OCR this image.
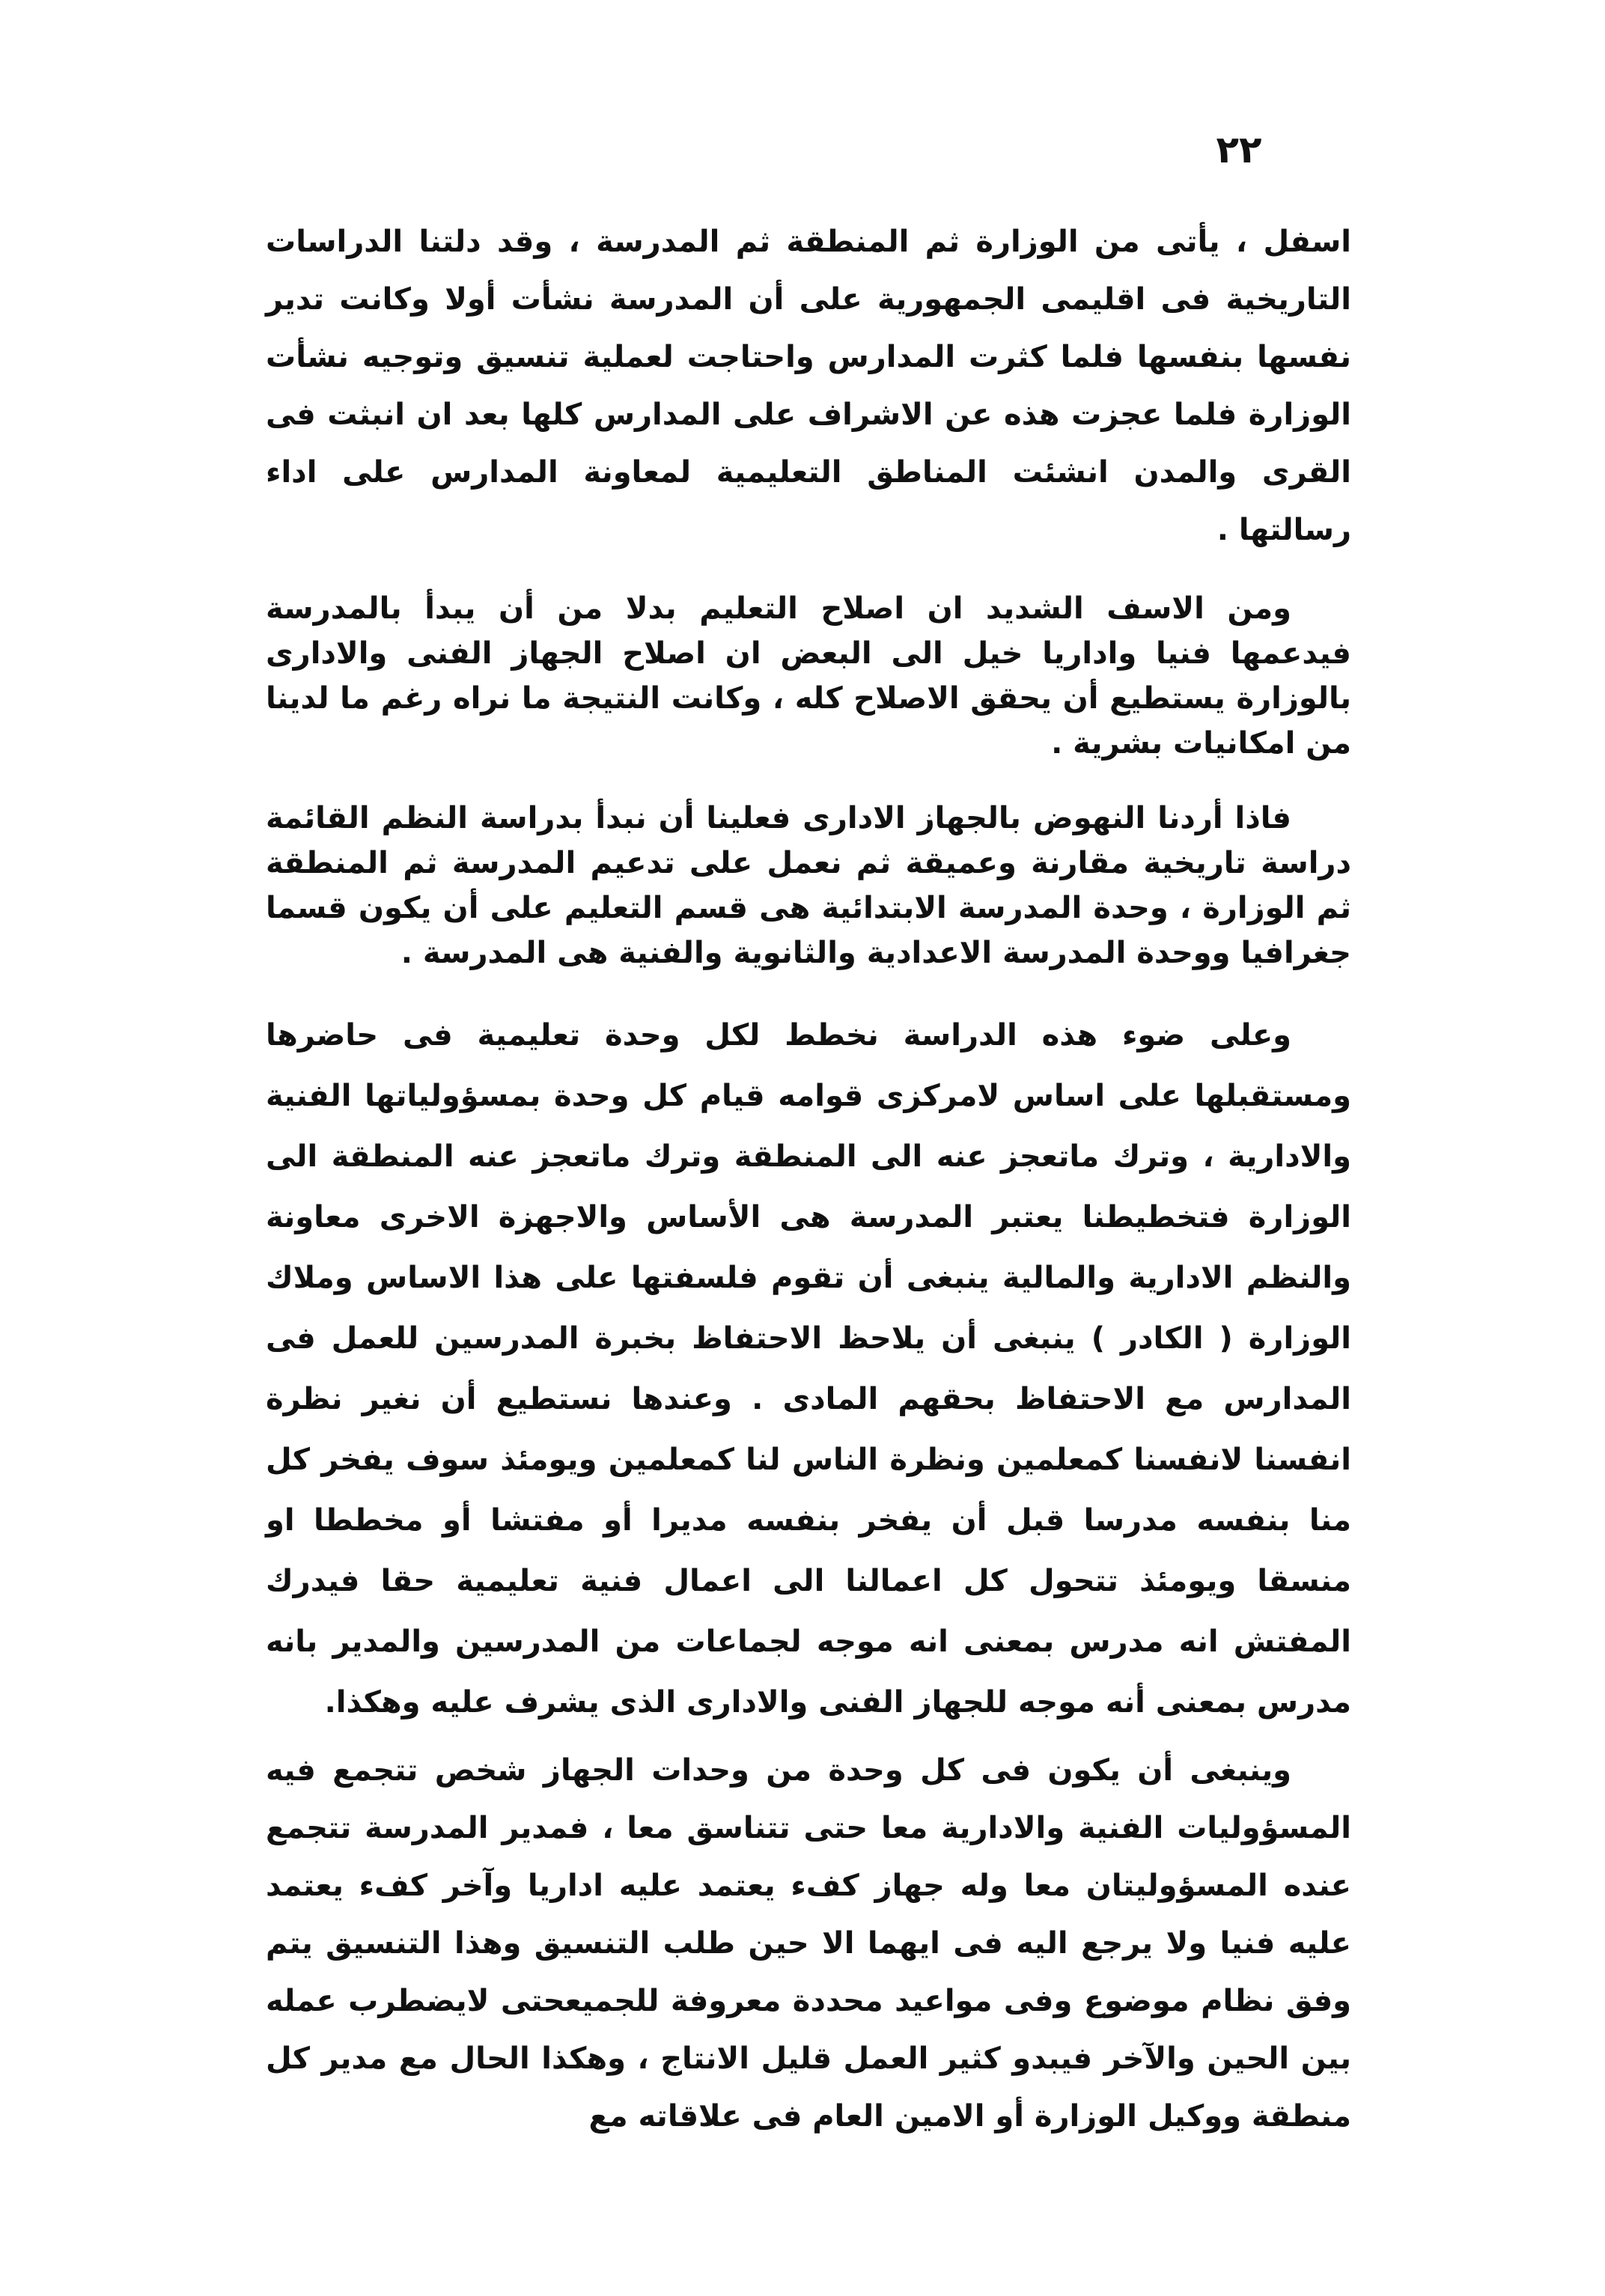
٢٢

اسفل ، يأتى من الوزارة ثم المنطقة ثم المدرسة ، وقد دلتنا الدراسات التاريخية فى اقليمى الجمهورية على أن المدرسة نشأت أولا وكانت تدير نفسها بنفسها فلما كثرت المدارس واحتاجت لعملية تنسيق وتوجيه نشأت الوزارة فلما عجزت هذه عن الاشراف على المدارس كلها بعد ان انبثت فى القرى والمدن انشئت المناطق التعليمية لمعاونة المدارس على اداء رسالتها .

ومن الاسف الشديد ان اصلاح التعليم بدلا من أن يبدأ بالمدرسة فيدعمها فنيا واداريا خيل الى البعض ان اصلاح الجهاز الفنى والادارى بالوزارة يستطيع أن يحقق الاصلاح كله ، وكانت النتيجة ما نراه رغم ما لدينا من امكانيات بشرية .

فاذا أردنا النهوض بالجهاز الادارى فعلينا أن نبدأ بدراسة النظم القائمة دراسة تاريخية مقارنة وعميقة ثم نعمل على تدعيم المدرسة ثم المنطقة ثم الوزارة ، وحدة المدرسة الابتدائية هى قسم التعليم على أن يكون قسما جغرافيا ووحدة المدرسة الاعدادية والثانوية والفنية هى المدرسة .

وعلى ضوء هذه الدراسة نخطط لكل وحدة تعليمية فى حاضرها ومستقبلها على اساس لامركزى قوامه قيام كل وحدة بمسؤولياتها الفنية والادارية ، وترك ماتعجز عنه الى المنطقة وترك ماتعجز عنه المنطقة الى الوزارة فتخطيطنا يعتبر المدرسة هى الأساس والاجهزة الاخرى معاونة والنظم الادارية والمالية ينبغى أن تقوم فلسفتها على هذا الاساس وملاك الوزارة ( الكادر ) ينبغى أن يلاحظ الاحتفاظ بخبرة المدرسين للعمل فى المدارس مع الاحتفاظ بحقهم المادى . وعندها نستطيع أن نغير نظرة انفسنا لانفسنا كمعلمين ونظرة الناس لنا كمعلمين ويومئذ سوف يفخر كل منا بنفسه مدرسا قبل أن يفخر بنفسه مديرا أو مفتشا أو مخططا او منسقا ويومئذ تتحول كل اعمالنا الى اعمال فنية تعليمية حقا فيدرك المفتش انه مدرس بمعنى انه موجه لجماعات من المدرسين والمدير بانه مدرس بمعنى أنه موجه للجهاز الفنى والادارى الذى يشرف عليه وهكذا.

وينبغى أن يكون فى كل وحدة من وحدات الجهاز شخص تتجمع فيه المسؤوليات الفنية والادارية معا حتى تتناسق معا ، فمدير المدرسة تتجمع عنده المسؤوليتان معا وله جهاز كفء يعتمد عليه اداريا وآخر كفء يعتمد عليه فنيا ولا يرجع اليه فى ايهما الا حين طلب التنسيق وهذا التنسيق يتم وفق نظام موضوع وفى مواعيد محددة معروفة للجميعحتى لايضطرب عمله بين الحين والآخر فيبدو كثير العمل قليل الانتاج ، وهكذا الحال مع مدير كل منطقة ووكيل الوزارة أو الامين العام فى علاقاته مع
